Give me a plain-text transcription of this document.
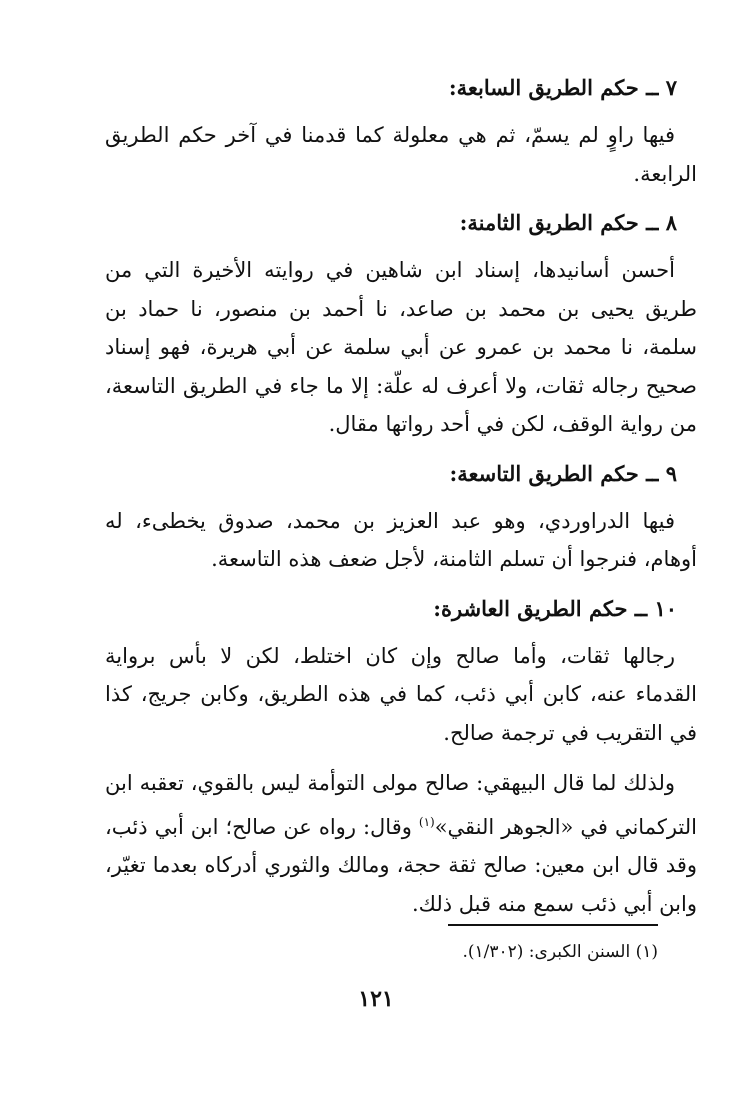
٧ ــ حكم الطريق السابعة:

فيها راوٍ لم يسمّ، ثم هي معلولة كما قدمنا في آخر حكم الطريق الرابعة.

٨ ــ حكم الطريق الثامنة:

أحسن أسانيدها، إسناد ابن شاهين في روايته الأخيرة التي من طريق يحيى بن محمد بن صاعد، نا أحمد بن منصور، نا حماد بن سلمة، نا محمد بن عمرو عن أبي سلمة عن أبي هريرة، فهو إسناد صحيح رجاله ثقات، ولا أعرف له علّة: إلا ما جاء في الطريق التاسعة، من رواية الوقف، لكن في أحد رواتها مقال.

٩ ــ حكم الطريق التاسعة:

فيها الدراوردي، وهو عبد العزيز بن محمد، صدوق يخطىء، له أوهام، فنرجوا أن تسلم الثامنة، لأجل ضعف هذه التاسعة.

١٠ ــ حكم الطريق العاشرة:

رجالها ثقات، وأما صالح وإن كان اختلط، لكن لا بأس برواية القدماء عنه، كابن أبي ذئب، كما في هذه الطريق، وكابن جريج، كذا في التقريب في ترجمة صالح.

ولذلك لما قال البيهقي: صالح مولى التوأمة ليس بالقوي، تعقبه ابن التركماني في «الجوهر النقي»$^{(١)}$ وقال: رواه عن صالح؛ ابن أبي ذئب، وقد قال ابن معين: صالح ثقة حجة، ومالك والثوري أدركاه بعدما تغيّر، وابن أبي ذئب سمع منه قبل ذلك.

(١) السنن الكبرى: (١/٣٠٢).
١٢١
